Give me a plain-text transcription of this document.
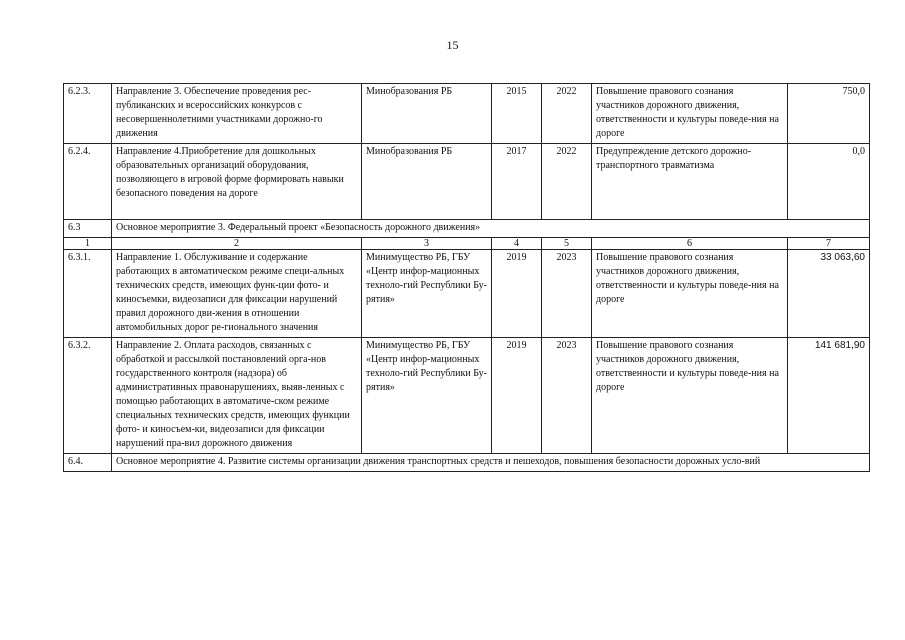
15
6.2.3.	Направление 3. Обеспечение проведения рес-публиканских и всероссийских конкурсов с несовершеннолетними участниками дорожно-го движения	Минобразования РБ	2015	2022	Повышение правового сознания участников дорожного движения, ответственности и культуры поведе-ния на дороге	750,0
6.2.4.	Направление 4.Приобретение для дошкольных образовательных организаций оборудования, позволяющего в игровой форме формировать навыки безопасного поведения на дороге	Минобразования РБ	2017	2022	Предупреждение детского дорожно-транспортного травматизма	0,0
6.3	Основное мероприятие 3. Федеральный проект «Безопасность дорожного движения»					
1	2	3	4	5	6	7
6.3.1.	Направление 1. Обслуживание и содержание работающих в автоматическом режиме специ-альных технических средств, имеющих функ-ции фото- и киносъемки, видеозаписи для фиксации нарушений правил дорожного дви-жения в отношении автомобильных дорог ре-гионального значения	Минимущество РБ, ГБУ «Центр инфор-мационных техноло-гий Республики Бу-рятия»	2019	2023	Повышение правового сознания участников дорожного движения, ответственности и культуры поведе-ния на дороге	33 063,60
6.3.2.	Направление 2. Оплата расходов, связанных с обработкой и рассылкой постановлений орга-нов государственного контроля (надзора) об административных правонарушениях, выяв-ленных с помощью работающих в автоматиче-ском режиме специальных технических средств, имеющих функции фото- и киносъем-ки, видеозаписи для фиксации нарушений пра-вил дорожного движения	Минимущество РБ, ГБУ «Центр инфор-мационных техноло-гий Республики Бу-рятия»	2019	2023	Повышение правового сознания участников дорожного движения, ответственности и культуры поведе-ния на дороге	141 681,90
6.4.	Основное мероприятие 4. Развитие системы организации движения транспортных средств и пешеходов, повышения безопасности дорожных усло-вий					
